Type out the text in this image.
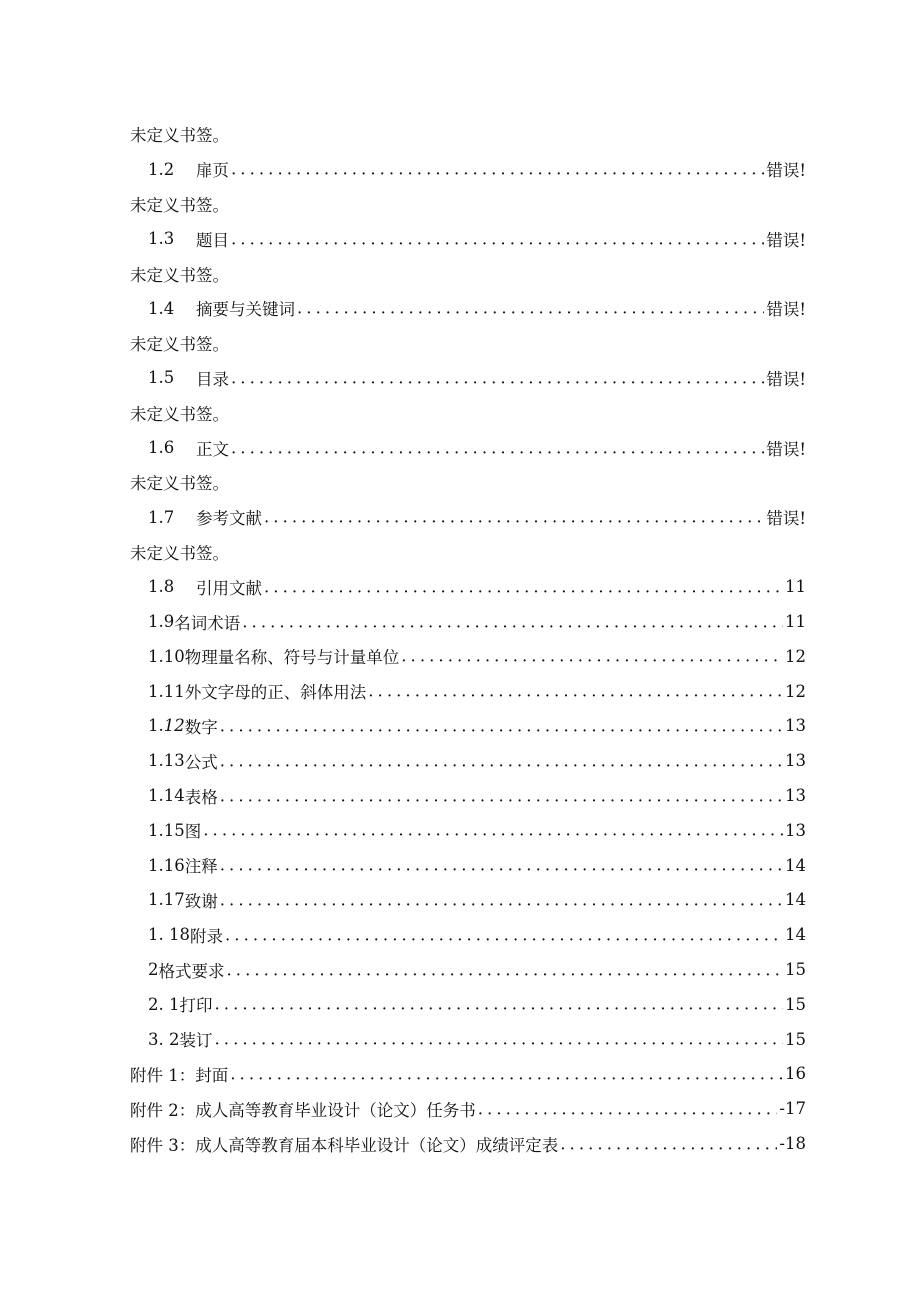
未定义书签。
1.2	扉页 . . .	错误!
未定义书签。
1.3	题目 . . .	错误!
未定义书签。
1.4	摘要与关键词 . . .	错误!
未定义书签。
1.5	目录 . . .	错误!
未定义书签。
1.6	正文 . . .	错误!
未定义书签。
1.7	参考文献 . . .	错误!
未定义书签。
1.8	引用文献 . . .	11
1.9 名词术语 . . .	11
1.10 物理量名称、符号与计量单位 . . .	12
1.11 外文字母的正、斜体用法 . . .	12
1.12 数字 . . .	13
1.13 公式 . . .	13
1.14 表格 . . .	13
1.15 图 . . .	13
1.16 注释 . . .	14
1.17 致谢 . . .	14
1. 18 附录 . . .	14
2 格式要求 . . .	15
2. 1 打印 . . .	15
3. 2 装订 . . .	15
附件 1： 封面 . . .	16
附件 2： 成人高等教育毕业设计（论文）任务书 . . .	-17
附件 3： 成人高等教育届本科毕业设计（论文）成绩评定表 . . .	-18
